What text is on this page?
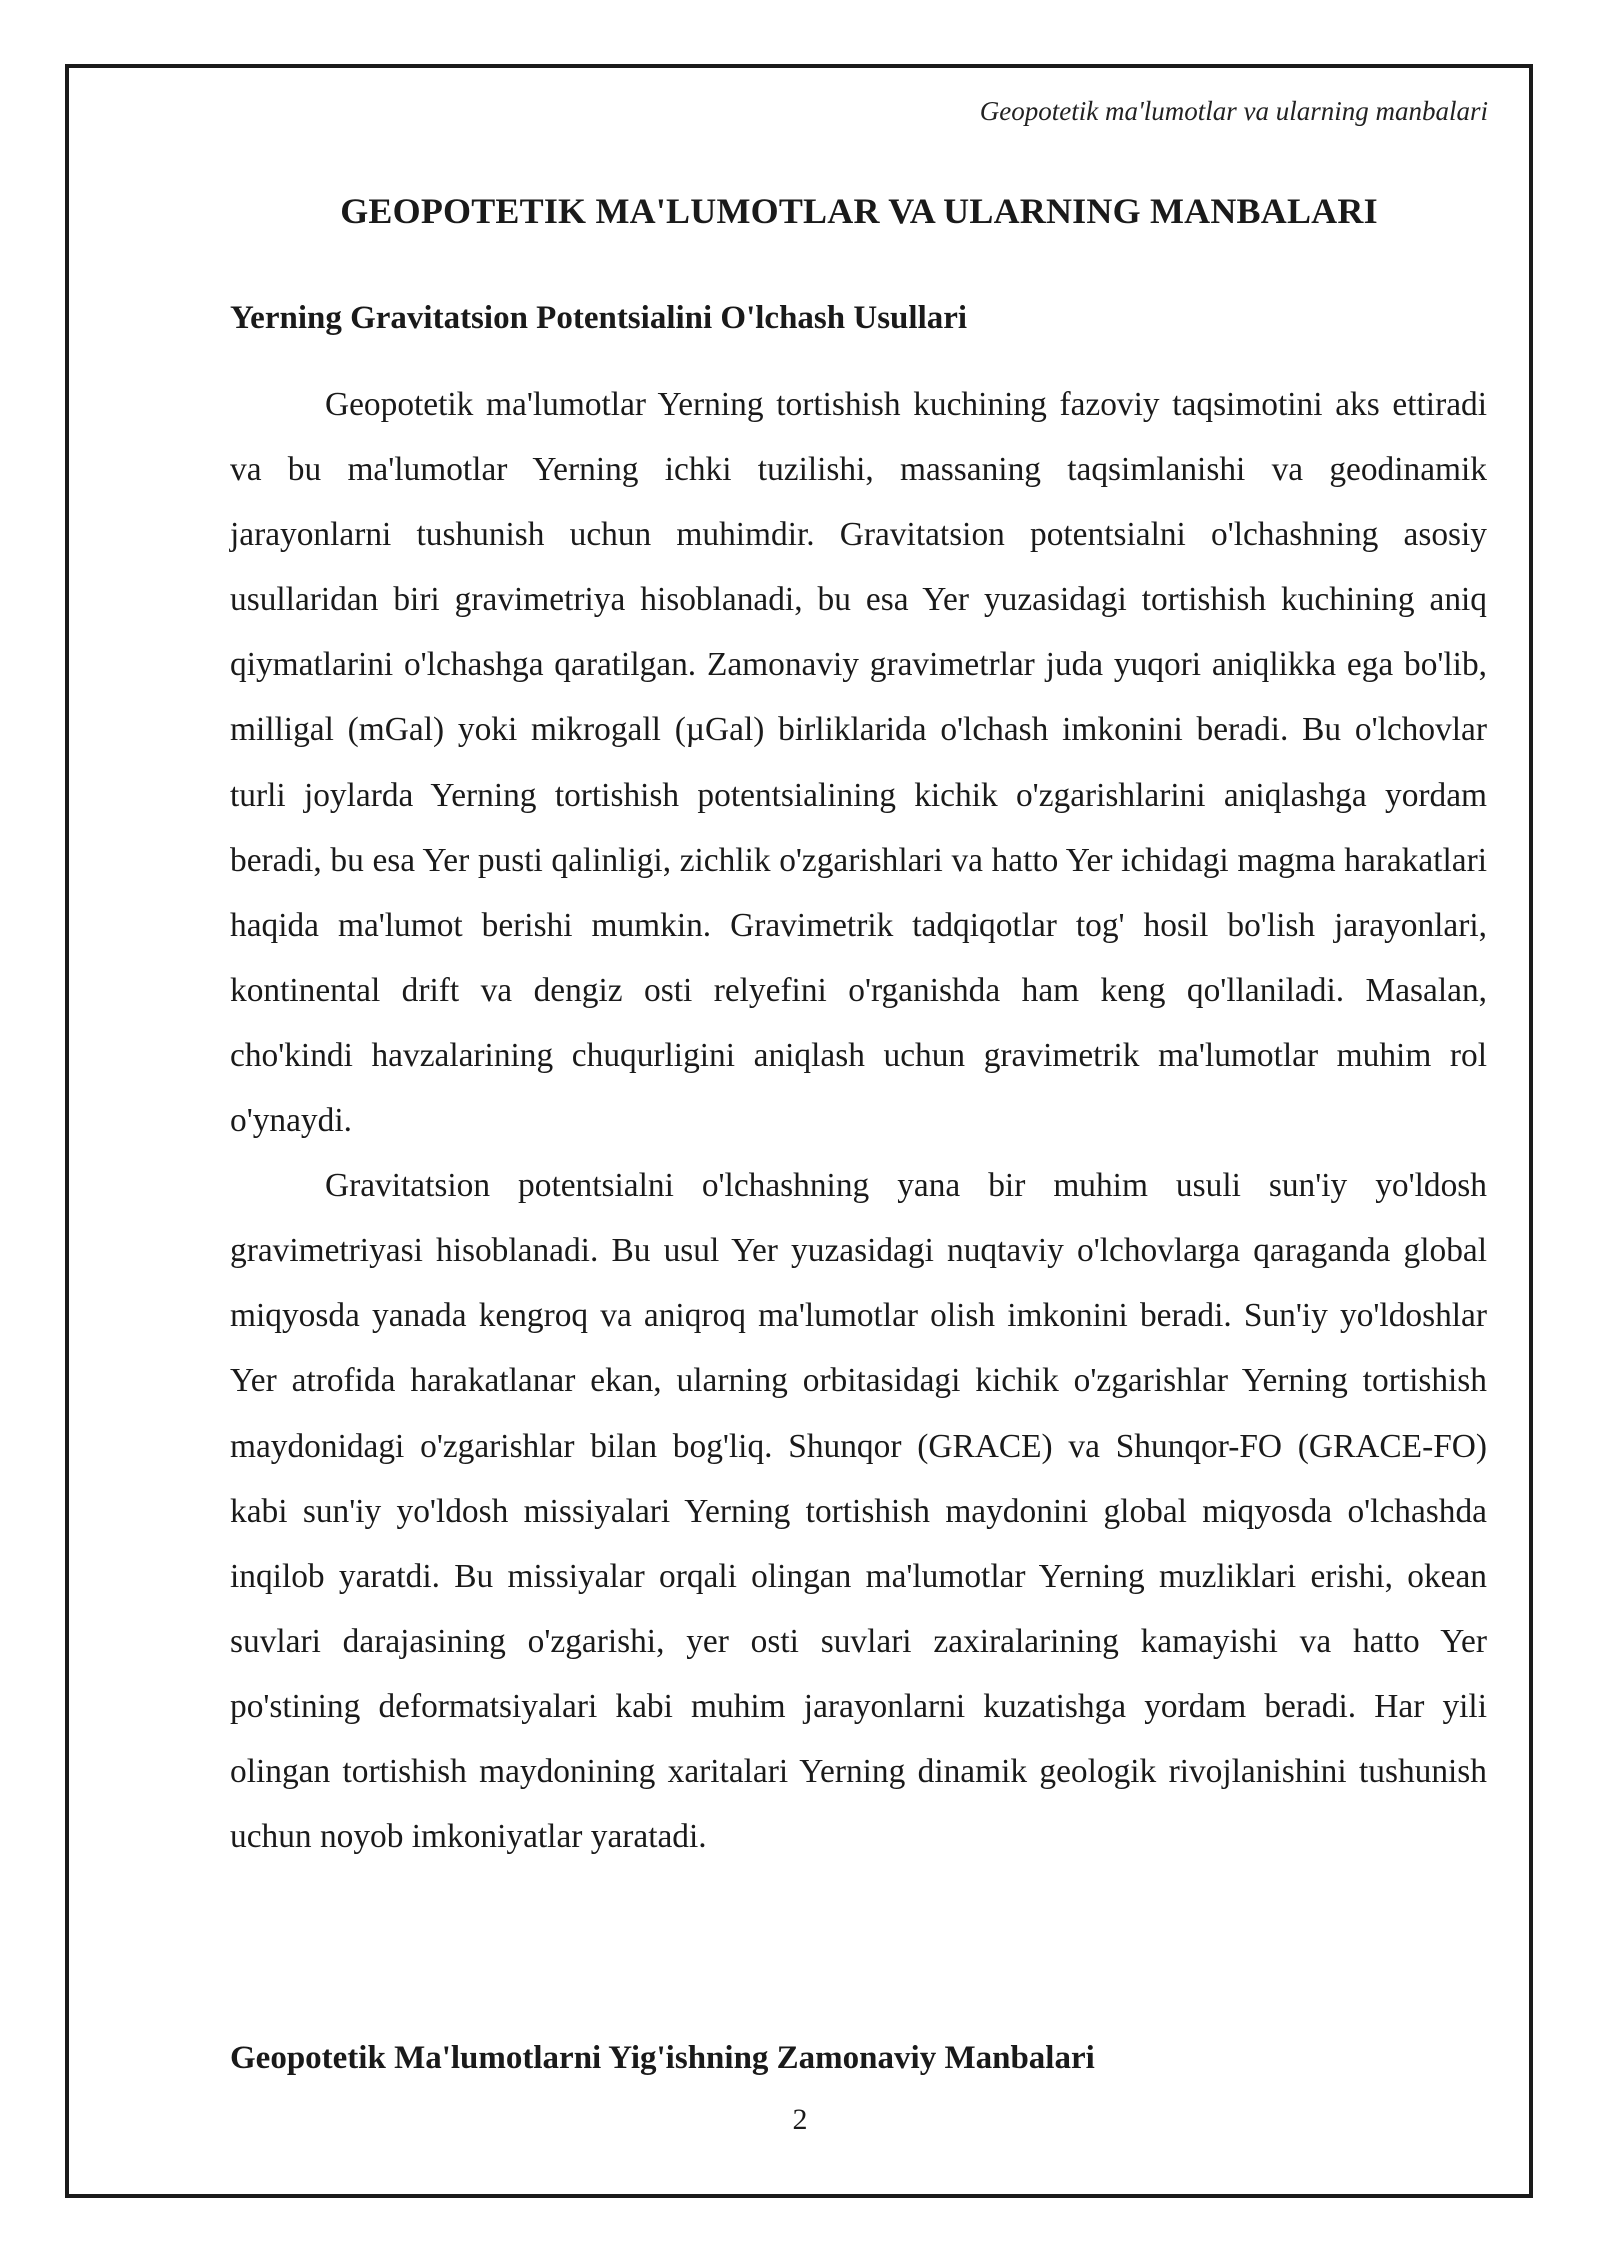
Geopotetik ma'lumotlar va ularning manbalari
GEOPOTETIK MA'LUMOTLAR VA ULARNING MANBALARI
Yerning Gravitatsion Potentsialini O'lchash Usullari

Geopotetik ma'lumotlar Yerning tortishish kuchining fazoviy taqsimotini aks ettiradi va bu ma'lumotlar Yerning ichki tuzilishi, massaning taqsimlanishi va geodinamik jarayonlarni tushunish uchun muhimdir. Gravitatsion potentsialni o'lchashning asosiy usullaridan biri gravimetriya hisoblanadi, bu esa Yer yuzasidagi tortishish kuchining aniq qiymatlarini o'lchashga qaratilgan. Zamonaviy gravimetrlar juda yuqori aniqlikka ega bo'lib, milligal (mGal) yoki mikrogall (µGal) birliklarida o'lchash imkonini beradi. Bu o'lchovlar turli joylarda Yerning tortishish potentsialining kichik o'zgarishlarini aniqlashga yordam beradi, bu esa Yer pusti qalinligi, zichlik o'zgarishlari va hatto Yer ichidagi magma harakatlari haqida ma'lumot berishi mumkin. Gravimetrik tadqiqotlar tog' hosil bo'lish jarayonlari, kontinental drift va dengiz osti relyefini o'rganishda ham keng qo'llaniladi. Masalan, cho'kindi havzalarining chuqurligini aniqlash uchun gravimetrik ma'lumotlar muhim rol o'ynaydi.

Gravitatsion potentsialni o'lchashning yana bir muhim usuli sun'iy yo'ldosh gravimetriyasi hisoblanadi. Bu usul Yer yuzasidagi nuqtaviy o'lchovlarga qaraganda global miqyosda yanada kengroq va aniqroq ma'lumotlar olish imkonini beradi. Sun'iy yo'ldoshlar Yer atrofida harakatlanar ekan, ularning orbitasidagi kichik o'zgarishlar Yerning tortishish maydonidagi o'zgarishlar bilan bog'liq. Shunqor (GRACE) va Shunqor-FO (GRACE-FO) kabi sun'iy yo'ldosh missiyalari Yerning tortishish maydonini global miqyosda o'lchashda inqilob yaratdi. Bu missiyalar orqali olingan ma'lumotlar Yerning muzliklari erishi, okean suvlari darajasining o'zgarishi, yer osti suvlari zaxiralarining kamayishi va hatto Yer po'stining deformatsiyalari kabi muhim jarayonlarni kuzatishga yordam beradi. Har yili olingan tortishish maydonining xaritalari Yerning dinamik geologik rivojlanishini tushunish uchun noyob imkoniyatlar yaratadi.

Geopotetik Ma'lumotlarni Yig'ishning Zamonaviy Manbalari
2
